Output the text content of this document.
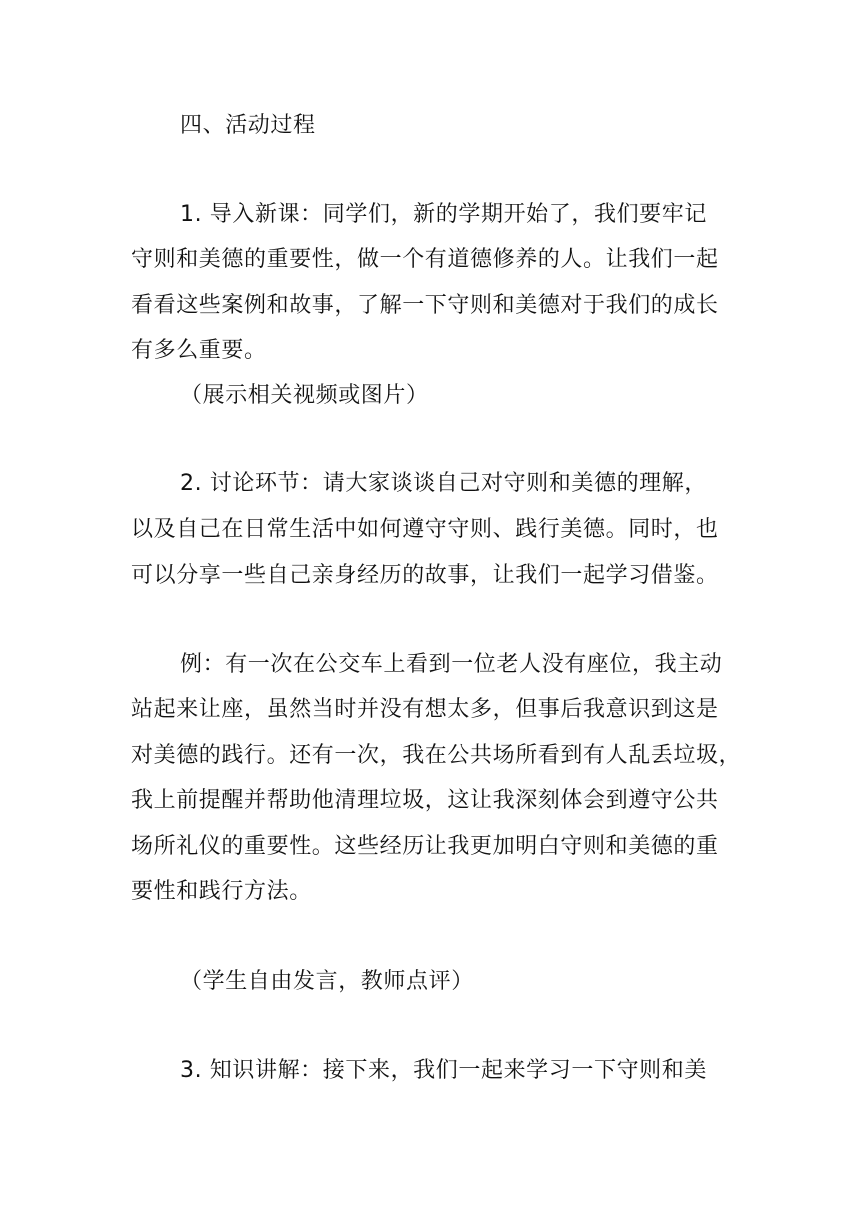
四、活动过程
1. 导入新课：同学们，新的学期开始了，我们要牢记
守则和美德的重要性，做一个有道德修养的人。让我们一起
看看这些案例和故事，了解一下守则和美德对于我们的成长
有多么重要。
（展示相关视频或图片）
2. 讨论环节：请大家谈谈自己对守则和美德的理解，
以及自己在日常生活中如何遵守守则、践行美德。同时，也
可以分享一些自己亲身经历的故事，让我们一起学习借鉴。
例：有一次在公交车上看到一位老人没有座位，我主动
站起来让座，虽然当时并没有想太多，但事后我意识到这是
对美德的践行。还有一次，我在公共场所看到有人乱丢垃圾，
我上前提醒并帮助他清理垃圾，这让我深刻体会到遵守公共
场所礼仪的重要性。这些经历让我更加明白守则和美德的重
要性和践行方法。
（学生自由发言，教师点评）
3. 知识讲解：接下来，我们一起来学习一下守则和美
